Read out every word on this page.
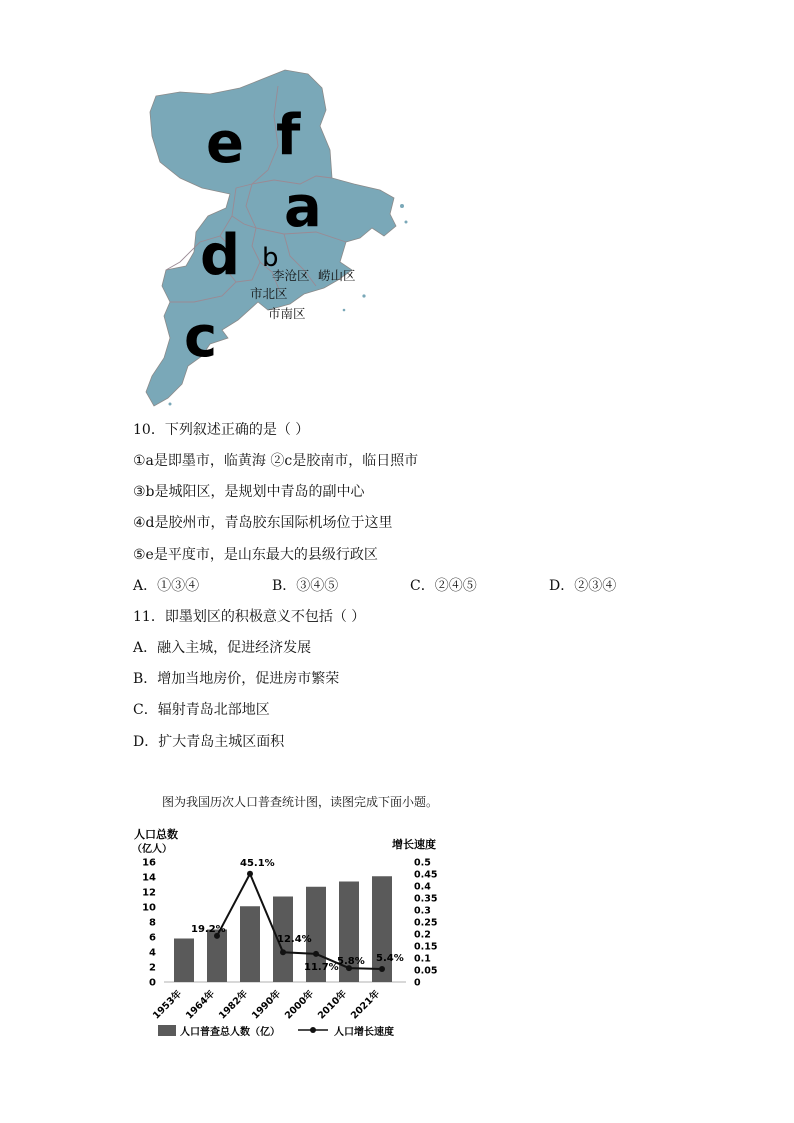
e f
a
d b
c
李沧区 崂山区
市北区
市南区
10．下列叙述正确的是（ ）
①a是即墨市，临黄海 ②c是胶南市，临日照市
③b是城阳区，是规划中青岛的副中心
④d是胶州市，青岛胶东国际机场位于这里
⑤e是平度市，是山东最大的县级行政区
A．①③④	B．③④⑤	C．②④⑤	D．②③④
11．即墨划区的积极意义不包括（ ）
A．融入主城，促进经济发展
B．增加当地房价，促进房市繁荣
C．辐射青岛北部地区
D．扩大青岛主城区面积
图为我国历次人口普查统计图，读图完成下面小题。
人口总数
（亿人）	增长速度
0
2
4
6
8
10
12
14
16
0
0.05
0.1
0.15
0.2
0.25
0.3
0.35
0.4
0.45
0.5
1953年 1964年 1982年 1990年 2000年 2010年 2021年
19.2%
45.1%
12.4%
11.7%
5.8% 5.4%
人口普查总人数（亿）	人口增长速度
